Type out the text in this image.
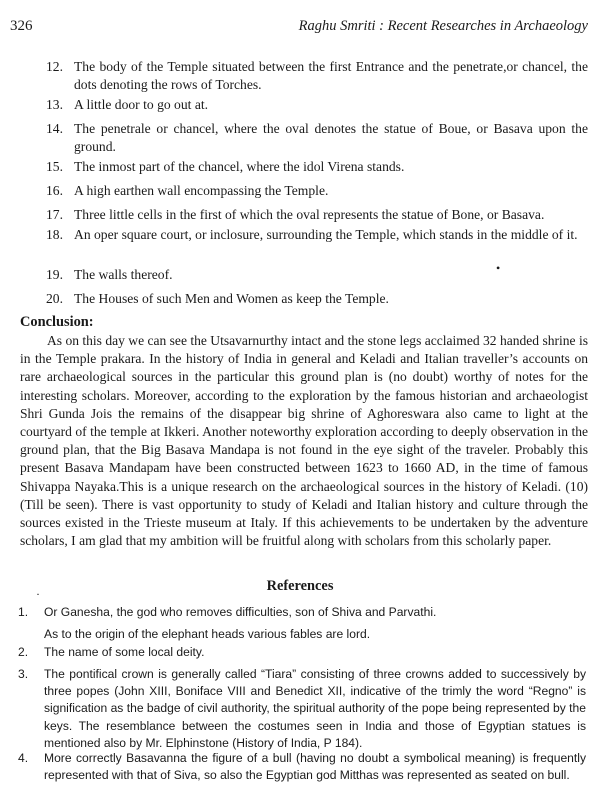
326	Raghu Smriti : Recent Researches in Archaeology
12. The body of the Temple situated between the first Entrance and the penetrate,or chancel, the dots denoting the rows of Torches.
13. A little door to go out at.
14. The penetrale or chancel, where the oval denotes the statue of Boue, or Basava upon the ground.
15. The inmost part of the chancel, where the idol Virena stands.
16. A high earthen wall encompassing the Temple.
17. Three little cells in the first of which the oval represents the statue of Bone, or Basava.
18. An oper square court, or inclosure, surrounding the Temple, which stands in the middle of it.
19. The walls thereof.
20. The Houses of such Men and Women as keep the Temple.
•
Conclusion:

As on this day we can see the Utsavarnurthy intact and the stone legs acclaimed 32 handed shrine is in the Temple prakara. In the history of India in general and Keladi and Italian traveller’s accounts on rare archaeological sources in the particular this ground plan is (no doubt) worthy of notes for the interesting scholars. Moreover, according to the exploration by the famous historian and archaeologist Shri Gunda Jois the remains of the disappear big shrine of Aghoreswara also came to light at the courtyard of the temple at Ikkeri. Another noteworthy exploration according to deeply observation in the ground plan, that the Big Basava Mandapa is not found in the eye sight of the traveler. Probably this present Basava Mandapam have been constructed between 1623 to 1660 AD, in the time of famous Shivappa Nayaka.This is a unique research on the archaeological sources in the history of Keladi. (10) (Till be seen). There is vast opportunity to study of Keladi and Italian history and culture through the sources existed in the Trieste museum at Italy. If this achievements to be undertaken by the adventure scholars, I am glad that my ambition will be fruitful along with scholars from this scholarly paper.

·	References
1. Or Ganesha, the god who removes difficulties, son of Shiva and Parvathi.
As to the origin of the elephant heads various fables are lord.
2. The name of some local deity.
3. The pontifical crown is generally called “Tiara” consisting of three crowns added to successively by three popes (John XIII, Boniface VIII and Benedict XII, indicative of the trimly the word “Regno” is signification as the badge of civil authority, the spiritual authority of the pope being represented by the keys. The resemblance between the costumes seen in India and those of Egyptian statues is mentioned also by Mr. Elphinstone (History of India, P 184).
4. More correctly Basavanna the figure of a bull (having no doubt a symbolical meaning) is frequently represented with that of Siva, so also the Egyptian god Mitthas was represented as seated on bull.
